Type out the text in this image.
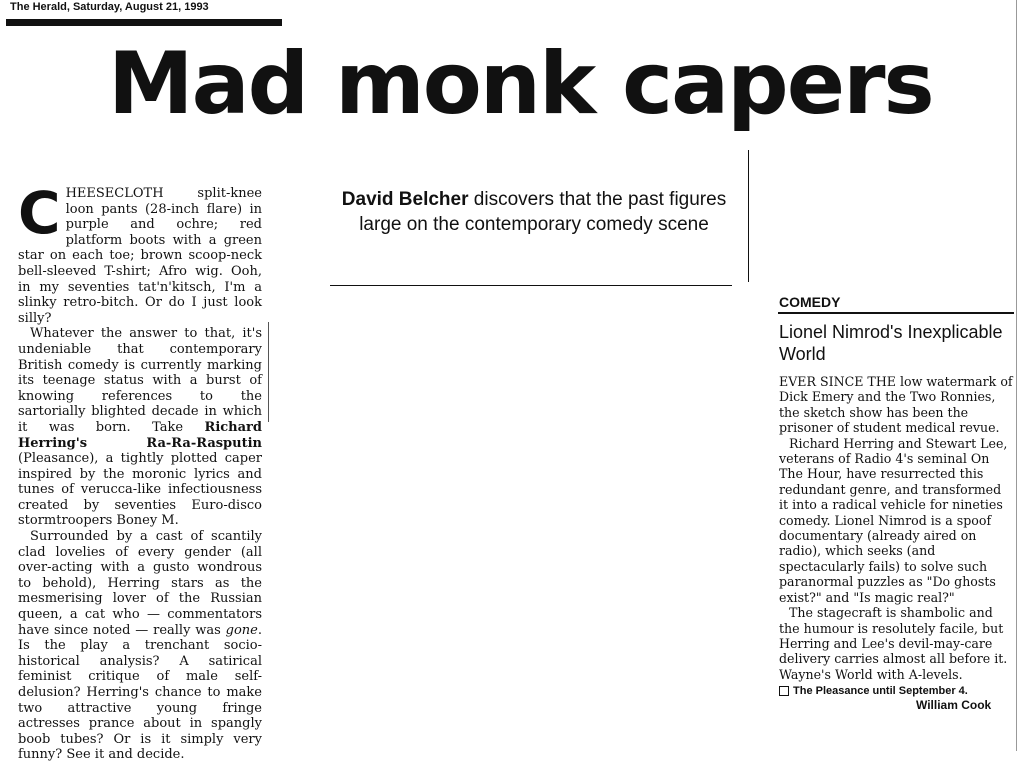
The Herald, Saturday, August 21, 1993
Mad monk capers
David Belcher discovers that the past figures large on the contemporary comedy scene

CHEESECLOTH split-knee loon pants (28-inch flare) in purple and ochre; red platform boots with a green star on each toe; brown scoop-neck bell-sleeved T-shirt; Afro wig. Ooh, in my seventies tat'n'kitsch, I'm a slinky retro-bitch. Or do I just look silly?

Whatever the answer to that, it's undeniable that contemporary British comedy is currently marking its teenage status with a burst of knowing references to the sartorially blighted decade in which it was born. Take Richard Herring's Ra-Ra-Rasputin (Pleasance), a tightly plotted caper inspired by the moronic lyrics and tunes of verucca-like infectiousness created by seventies Euro-disco stormtroopers Boney M.

Surrounded by a cast of scantily clad lovelies of every gender (all over-acting with a gusto wondrous to behold), Herring stars as the mesmerising lover of the Russian queen, a cat who — commentators have since noted — really was gone. Is the play a trenchant socio-historical analysis? A satirical feminist critique of male self-delusion? Herring's chance to make two attractive young fringe actresses prance about in spangly boob tubes? Or is it simply very funny? See it and decide.

COMEDY
Lionel Nimrod's Inexplicable World

EVER SINCE THE low watermark of Dick Emery and the Two Ronnies, the sketch show has been the prisoner of student medical revue.

Richard Herring and Stewart Lee, veterans of Radio 4's seminal On The Hour, have resurrected this redundant genre, and transformed it into a radical vehicle for nineties comedy. Lionel Nimrod is a spoof documentary (already aired on radio), which seeks (and spectacularly fails) to solve such paranormal puzzles as "Do ghosts exist?" and "Is magic real?"

The stagecraft is shambolic and the humour is resolutely facile, but Herring and Lee's devil-may-care delivery carries almost all before it. Wayne's World with A-levels.

The Pleasance until September 4.
William Cook
